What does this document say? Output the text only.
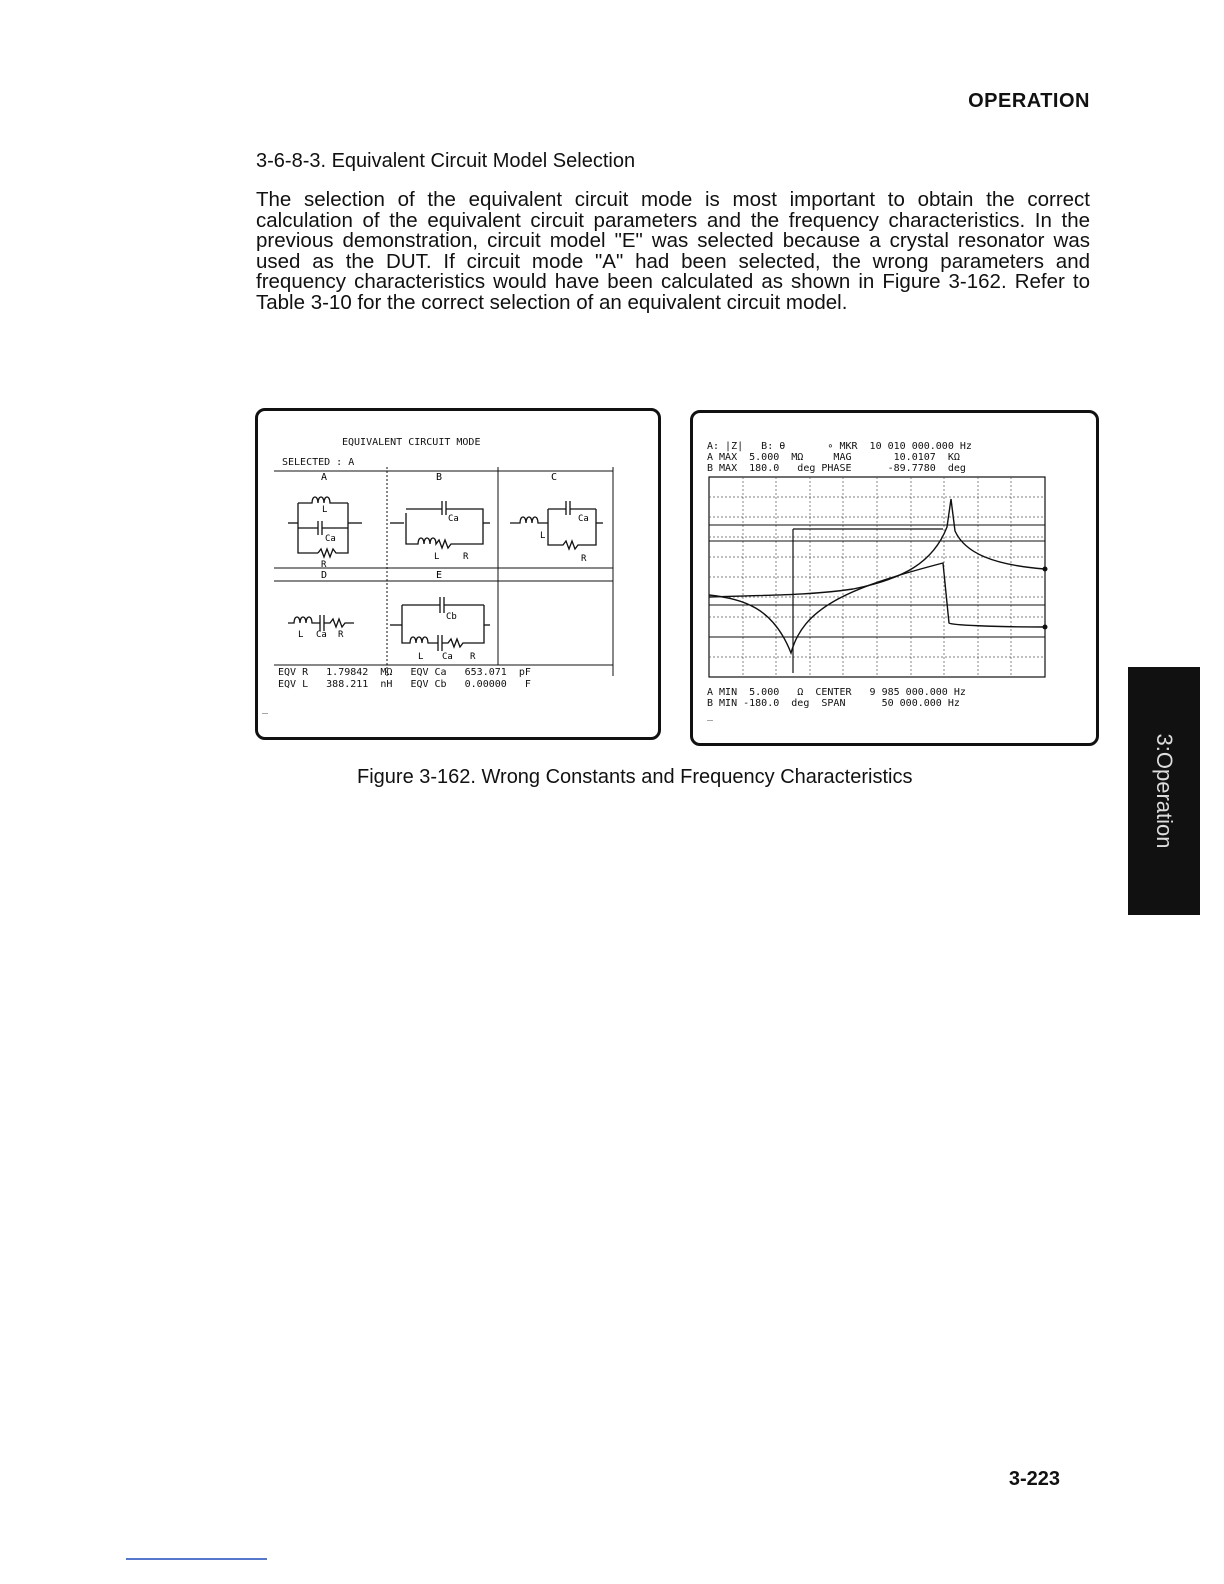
OPERATION
3-6-8-3. Equivalent Circuit Model Selection

The selection of the equivalent circuit mode is most important to obtain the correct calculation of the equivalent circuit parameters and the frequency characteristics. In the previous demonstration, circuit model "E" was selected because a crystal resonator was used as the DUT. If circuit mode "A" had been selected, the wrong parameters and frequency characteristics would have been calculated as shown in Figure 3-162. Refer to Table 3-10 for the correct selection of an equivalent circuit model.

EQUIVALENT CIRCUIT MODE
SELECTED : A
A	B	C
D	E
L
Ca
R
Ca
L	R
Ca
L
R
L Ca R
Cb
L Ca R
EQV R   1.79842  MΩ   EQV Ca   653.071  pF
EQV L   388.211  nH   EQV Cb   0.00000   F
_
A: |Z|   B: θ       ∘ MKR  10 010 000.000 Hz
A MAX  5.000  MΩ     MAG       10.0107  KΩ
B MAX  180.0   deg PHASE      -89.7780  deg
A MIN  5.000   Ω  CENTER   9 985 000.000 Hz
B MIN -180.0  deg  SPAN      50 000.000 Hz
_
Figure 3-162. Wrong Constants and Frequency Characteristics	3:Operation
3-223
